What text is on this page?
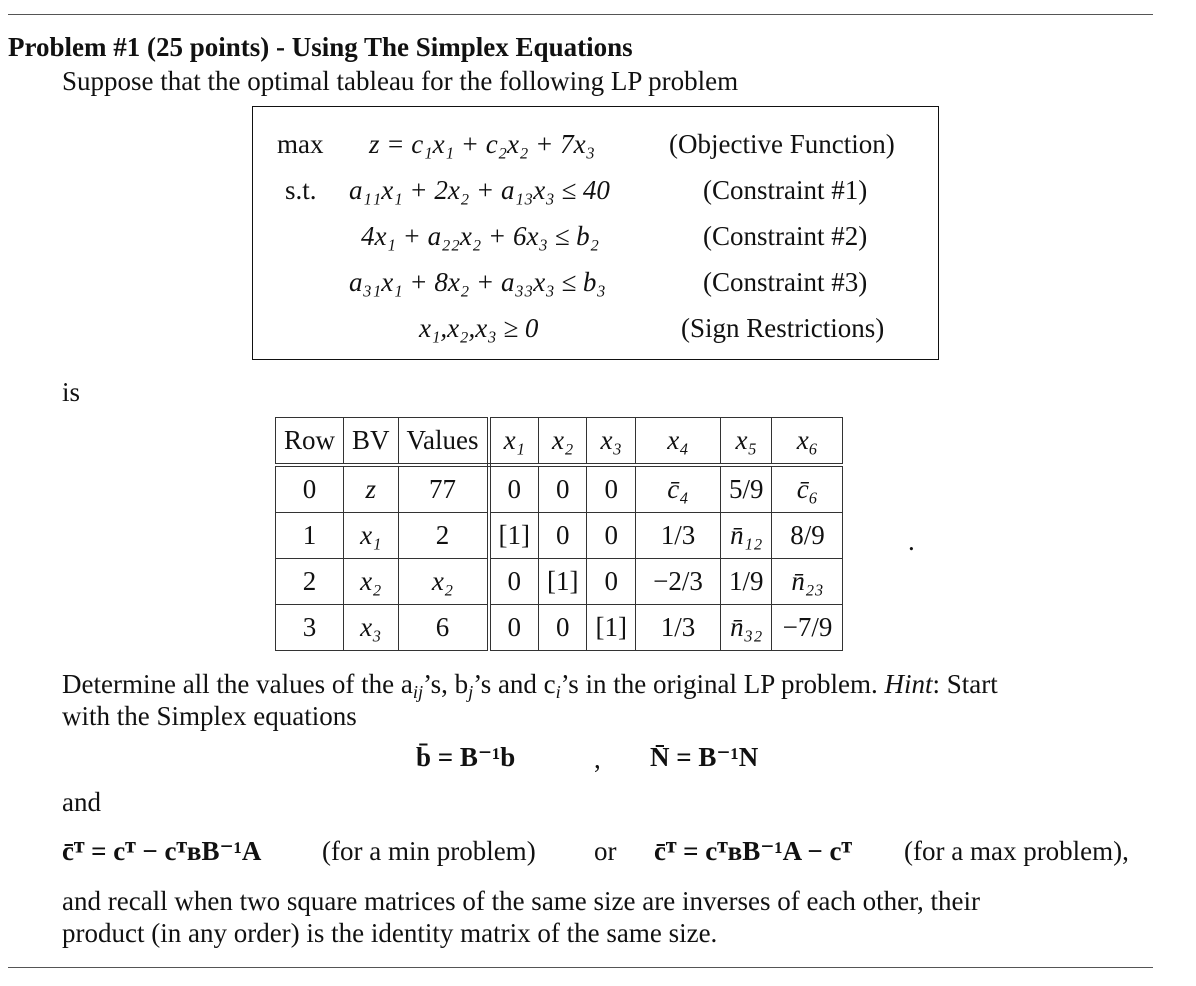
Problem #1 (25 points) - Using The Simplex Equations
Suppose that the optimal tableau for the following LP problem
max z = c₁x₁ + c₂x₂ + 7x₃	(Objective Function)
s.t. a₁₁x₁ + 2x₂ + a₁₃x₃ ≤ 40	(Constraint #1)
4x₁ + a₂₂x₂ + 6x₃ ≤ b₂	(Constraint #2)
a₃₁x₁ + 8x₂ + a₃₃x₃ ≤ b₃	(Constraint #3)
x₁,x₂,x₃ ≥ 0	(Sign Restrictions)
is
Row	BV	Values	x₁	x₂	x₃	x₄	x₅	x₆
0	z	77	0	0	0	c̄₄	5/9	c̄₆
1	x₁	2	[1]	0	0	1/3	n̄₁₂	8/9
2	x₂	x₂	0	[1]	0	−2/3	1/9	n̄₂₃
3	x₃	6	0	0	[1]	1/3	n̄₃₂	−7/9
.
Determine all the values of the $a_{ij}’s$, $b_j’s$ and $c_i’s$ in the original LP problem. Hint: Start
with the Simplex equations
b̄ = B⁻¹b	, N̄ = B⁻¹N
and
c̄ᵀ = cᵀ − cᵀʙB⁻¹A (for a min problem) or c̄ᵀ = cᵀʙB⁻¹A − cᵀ (for a max problem),
and recall when two square matrices of the same size are inverses of each other, their
product (in any order) is the identity matrix of the same size.
